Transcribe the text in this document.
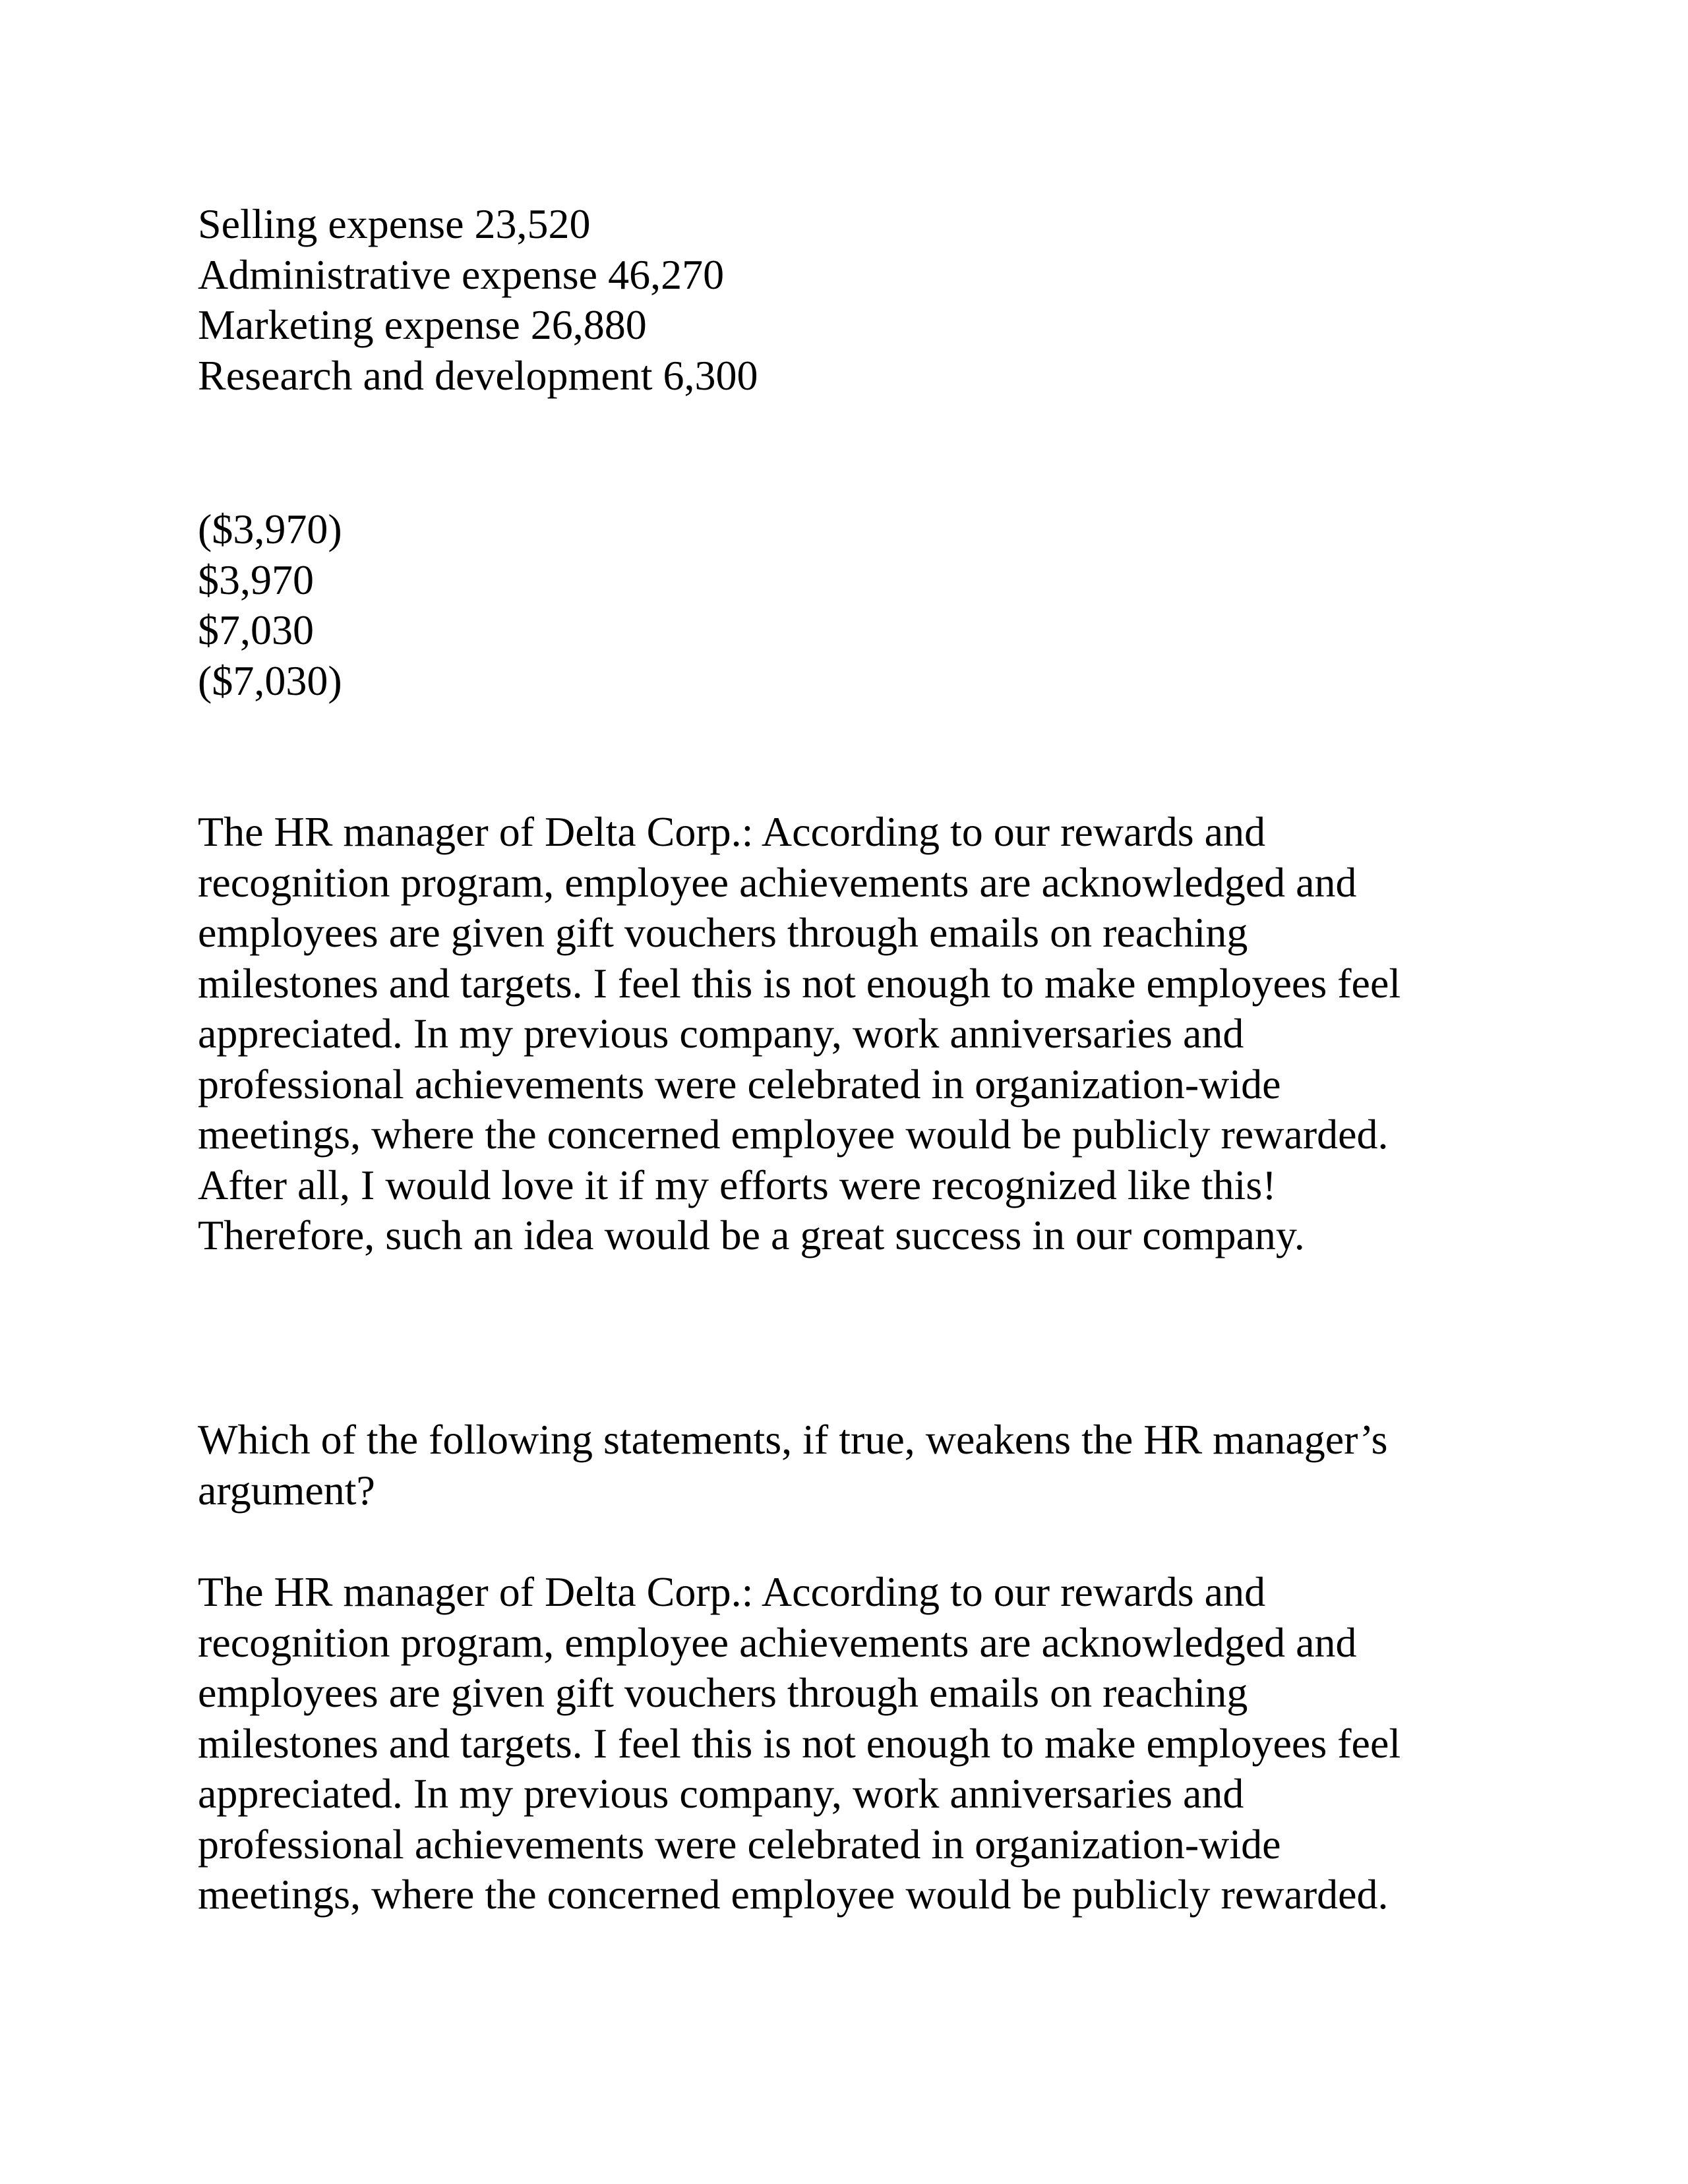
Selling expense 23,520
Administrative expense 46,270
Marketing expense 26,880
Research and development 6,300
($3,970)
$3,970
$7,030
($7,030)
The HR manager of Delta Corp.: According to our rewards and
recognition program, employee achievements are acknowledged and
employees are given gift vouchers through emails on reaching
milestones and targets. I feel this is not enough to make employees feel
appreciated. In my previous company, work anniversaries and
professional achievements were celebrated in organization-wide
meetings, where the concerned employee would be publicly rewarded.
After all, I would love it if my efforts were recognized like this!
Therefore, such an idea would be a great success in our company.
Which of the following statements, if true, weakens the HR manager’s
argument?
The HR manager of Delta Corp.: According to our rewards and
recognition program, employee achievements are acknowledged and
employees are given gift vouchers through emails on reaching
milestones and targets. I feel this is not enough to make employees feel
appreciated. In my previous company, work anniversaries and
professional achievements were celebrated in organization-wide
meetings, where the concerned employee would be publicly rewarded.
